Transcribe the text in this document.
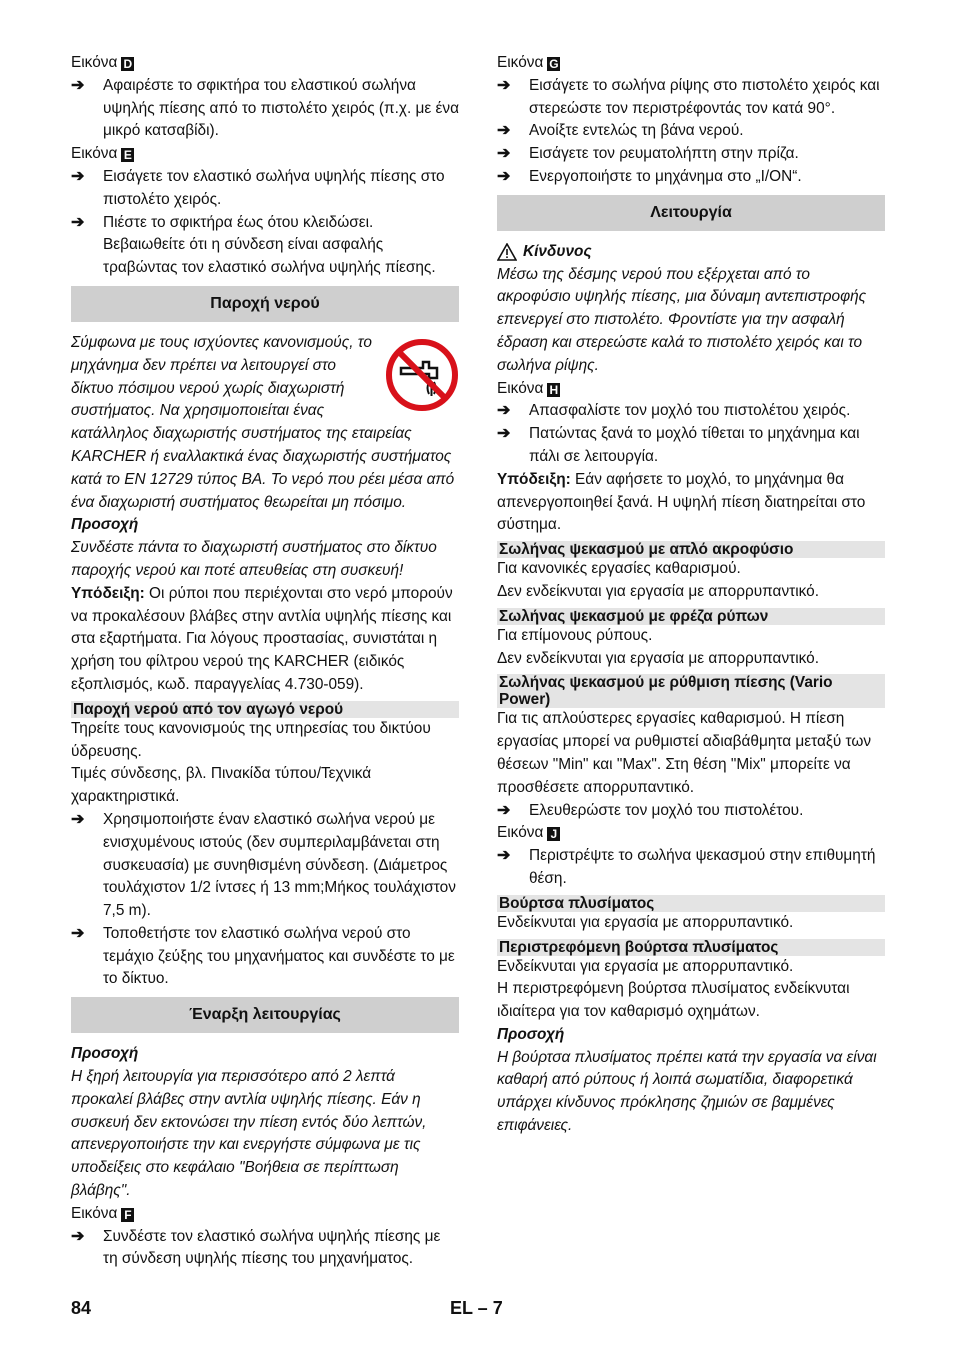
Εικόνα D

➔	Αφαιρέστε το σφικτήρα του ελαστικού σωλήνα υψηλής πίεσης από το πιστολέτο χειρός (π.χ. με ένα μικρό κατσαβίδι).

Εικόνα E

➔	Εισάγετε τον ελαστικό σωλήνα υψηλής πίεσης στο πιστολέτο χειρός.
➔	Πιέστε το σφικτήρα έως ότου κλειδώσει. Βεβαιωθείτε ότι η σύνδεση είναι ασφαλής τραβώντας τον ελαστικό σωλήνα υψηλής πίεσης.
Παροχή νερού

Σύμφωνα με τους ισχύοντες κανονισμούς, το μηχάνημα δεν πρέπει να λειτουργεί στο δίκτυο πόσιμου νερού χωρίς διαχωριστή συστήματος. Να χρησιμοποιείται ένας κατάλληλος διαχωριστής συστήματος της εταιρείας KARCHER ή εναλλακτικά ένας διαχωριστής συστήματος κατά το EN 12729 τύπος BA. Το νερό που ρέει μέσα από ένα διαχωριστή συστήματος θεωρείται μη πόσιμο.

Προσοχή

Συνδέστε πάντα το διαχωριστή συστήματος στο δίκτυο παροχής νερού και ποτέ απευθείας στη συσκευή!

Υπόδειξη: Οι ρύποι που περιέχονται στο νερό μπορούν να προκαλέσουν βλάβες στην αντλία υψηλής πίεσης και στα εξαρτήματα. Για λόγους προστασίας, συνιστάται η χρήση του φίλτρου νερού της KARCHER (ειδικός εξοπλισμός, κωδ. παραγγελίας 4.730-059).

Παροχή νερού από τον αγωγό νερού

Τηρείτε τους κανονισμούς της υπηρεσίας του δικτύου ύδρευσης.

Τιμές σύνδεσης, βλ. Πινακίδα τύπου/Τεχνικά χαρακτηριστικά.

➔	Χρησιμοποιήστε έναν ελαστικό σωλήνα νερού με ενισχυμένους ιστούς (δεν συμπεριλαμβάνεται στη συσκευασία) με συνηθισμένη σύνδεση. (Διάμετρος τουλάχιστον 1/2 ίντσες ή 13 mm;Μήκος τουλάχιστον 7,5 m).
➔	Τοποθετήστε τον ελαστικό σωλήνα νερού στο τεμάχιο ζεύξης του μηχανήματος και συνδέστε το με το δίκτυο.
Έναρξη λειτουργίας

Προσοχή

Η ξηρή λειτουργία για περισσότερο από 2 λεπτά προκαλεί βλάβες στην αντλία υψηλής πίεσης. Εάν η συσκευή δεν εκτονώσει την πίεση εντός δύο λεπτών, απενεργοποιήστε την και ενεργήστε σύμφωνα με τις υποδείξεις στο κεφάλαιο "Βοήθεια σε περίπτωση βλάβης".

Εικόνα F

➔	Συνδέστε τον ελαστικό σωλήνα υψηλής πίεσης με τη σύνδεση υψηλής πίεσης του μηχανήματος.

Εικόνα G

➔	Εισάγετε το σωλήνα ρίψης στο πιστολέτο χειρός και στερεώστε τον περιστρέφοντάς τον κατά 90°.
➔	Ανοίξτε εντελώς τη βάνα νερού.
➔	Εισάγετε τον ρευματολήπτη στην πρίζα.
➔	Ενεργοποιήστε το μηχάνημα στο „I/ON“.
Λειτουργία
Κίνδυνος

Μέσω της δέσμης νερού που εξέρχεται από το ακροφύσιο υψηλής πίεσης, μια δύναμη αντεπιστροφής επενεργεί στο πιστολέτο. Φροντίστε για την ασφαλή έδραση και στερεώστε καλά το πιστολέτο χειρός και το σωλήνα ρίψης.

Εικόνα H

➔	Απασφαλίστε τον μοχλό του πιστολέτου χειρός.
➔	Πατώντας ξανά το μοχλό τίθεται το μηχάνημα και πάλι σε λειτουργία.

Υπόδειξη: Εάν αφήσετε το μοχλό, το μηχάνημα θα απενεργοποιηθεί ξανά. Η υψηλή πίεση διατηρείται στο σύστημα.

Σωλήνας ψεκασμού με απλό ακροφύσιο

Για κανονικές εργασίες καθαρισμού.

Δεν ενδείκνυται για εργασία με απορρυπαντικό.

Σωλήνας ψεκασμού με φρέζα ρύπων

Για επίμονους ρύπους.

Δεν ενδείκνυται για εργασία με απορρυπαντικό.

Σωλήνας ψεκασμού με ρύθμιση πίεσης (Vario Power)

Για τις απλούστερες εργασίες καθαρισμού. Η πίεση εργασίας μπορεί να ρυθμιστεί αδιαβάθμητα μεταξύ των θέσεων "Min" και "Max". Στη θέση "Mix" μπορείτε να προσθέσετε απορρυπαντικό.

➔	Ελευθερώστε τον μοχλό του πιστολέτου.

Εικόνα J

➔	Περιστρέψτε το σωλήνα ψεκασμού στην επιθυμητή θέση.
Βούρτσα πλυσίματος

Ενδείκνυται για εργασία με απορρυπαντικό.

Περιστρεφόμενη βούρτσα πλυσίματος

Ενδείκνυται για εργασία με απορρυπαντικό.

Η περιστρεφόμενη βούρτσα πλυσίματος ενδείκνυται ιδιαίτερα για τον καθαρισμό οχημάτων.

Προσοχή

Η βούρτσα πλυσίματος πρέπει κατά την εργασία να είναι καθαρή από ρύπους ή λοιπά σωματίδια, διαφορετικά υπάρχει κίνδυνος πρόκλησης ζημιών σε βαμμένες επιφάνειες.

84	EL – 7
